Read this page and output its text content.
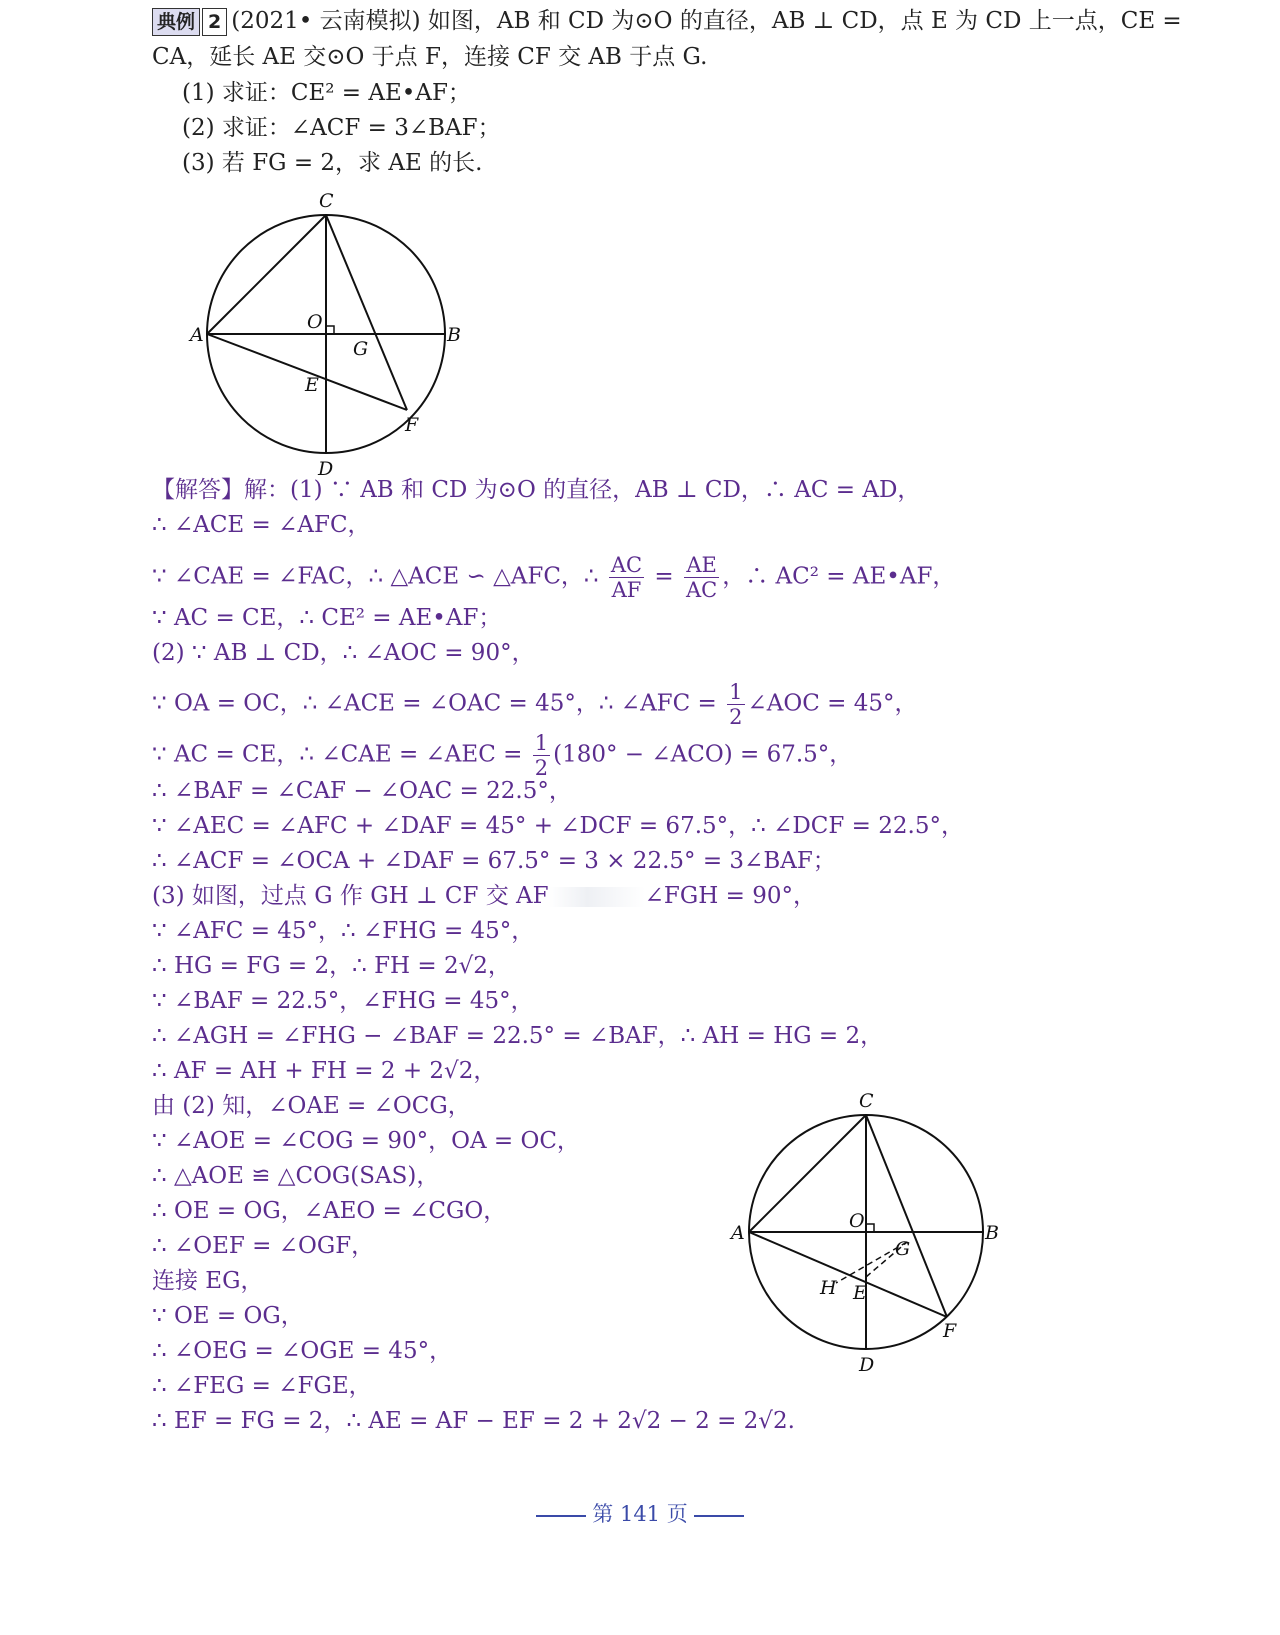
典例 2 (2021• 云南模拟) 如图，AB 和 CD 为⊙O 的直径，AB ⊥ CD，点 E 为 CD 上一点，CE =
CA，延长 AE 交⊙O 于点 F，连接 CF 交 AB 于点 G.
(1) 求证：CE² = AE•AF；
(2) 求证：∠ACF = 3∠BAF；
(3) 若 FG = 2，求 AE 的长.
C
O
A
G
B
E
F
D
【解答】解：(1) ∵ AB 和 CD 为⊙O 的直径，AB ⊥ CD，∴ AC = AD，
∴ ∠ACE = ∠AFC，
∵ ∠CAE = ∠FAC，∴ △ACE ∽ △AFC，∴ $\frac{AC}{AF} = \frac{AE}{AC}$ ，∴ AC² = AE•AF，
∵ AC = CE，∴ CE² = AE•AF；
(2) ∵ AB ⊥ CD，∴ ∠AOC = 90°，
∵ OA = OC，∴ ∠ACE = ∠OAC = 45°，∴ ∠AFC = $\frac{1}{2}$ ∠AOC = 45°，
∵ AC = CE，∴ ∠CAE = ∠AEC = $\frac{1}{2} (180^\circ$ − ∠ACO) = 67.5°，
∴ ∠BAF = ∠CAF − ∠OAC = 22.5°，
∵ ∠AEC = ∠AFC + ∠DAF = 45° + ∠DCF = 67.5°，∴ ∠DCF = 22.5°，
∴ ∠ACF = ∠OCA + ∠DAF = 67.5° = 3 × 22.5° = 3∠BAF；
(3) 如图，过点 G 作 GH ⊥ CF 交 AF	∠FGH = 90°，
∵ ∠AFC = 45°，∴ ∠FHG = 45°，
∴ HG = FG = 2，∴ FH = 2√2，
∵ ∠BAF = 22.5°，∠FHG = 45°，
∴ ∠AGH = ∠FHG − ∠BAF = 22.5° = ∠BAF，∴ AH = HG = 2，
∴ AF = AH + FH = 2 + 2√2，
由 (2) 知，∠OAE = ∠OCG，
∵ ∠AOE = ∠COG = 90°，OA = OC，
∴ △AOE ≌ △COG(SAS)，
∴ OE = OG，∠AEO = ∠CGO，
∴ ∠OEF = ∠OGF，
连接 EG，
∵ OE = OG，
∴ ∠OEG = ∠OGE = 45°，
∴ ∠FEG = ∠FGE，
∴ EF = FG = 2，∴ AE = AF − EF = 2 + 2√2 − 2 = 2√2.
C
O
A
G
B
H E
F
D
第 141 页
